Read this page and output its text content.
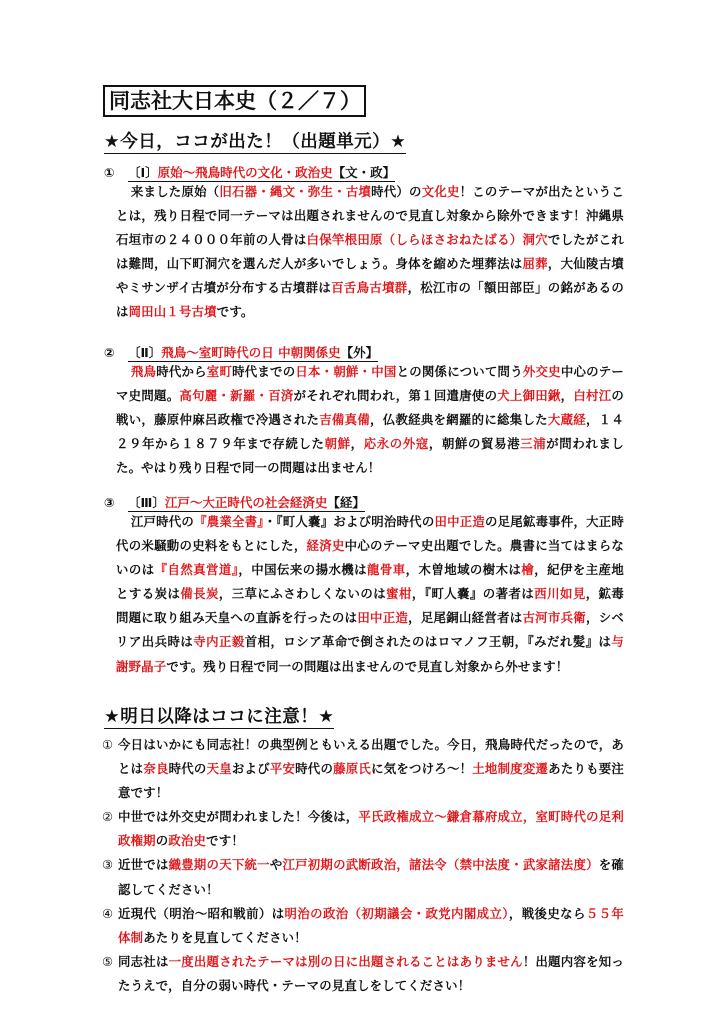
同志社大日本史（２／７）
★今日，ココが出た！（出題単元）★
① 〔Ⅰ〕原始～飛鳥時代の文化・政治史【文・政】

来ました原始（旧石器・縄文・弥生・古墳時代）の文化史！このテーマが出たということは，残り日程で同一テーマは出題されませんので見直し対象から除外できます！沖縄県石垣市の２４０００年前の人骨は白保竿根田原（しらほさおねたばる）洞穴でしたがこれは難問，山下町洞穴を選んだ人が多いでしょう。身体を縮めた埋葬法は屈葬，大仙陵古墳やミサンザイ古墳が分布する古墳群は百舌鳥古墳群，松江市の「額田部臣」の銘があるのは岡田山１号古墳です。

② 〔Ⅱ〕飛鳥～室町時代の日 中朝関係史【外】

飛鳥時代から室町時代までの日本・朝鮮・中国との関係について問う外交史中心のテーマ史問題。高句麗・新羅・百済がそれぞれ問われ，第１回遣唐使の犬上御田鍬，白村江の戦い，藤原仲麻呂政権で冷遇された吉備真備，仏教経典を網羅的に総集した大蔵経，１４２９年から１８７９年まで存続した朝鮮，応永の外寇，朝鮮の貿易港三浦が問われました。やはり残り日程で同一の問題は出ません！

③ 〔Ⅲ〕江戸～大正時代の社会経済史【経】

江戸時代の『農業全書』・『町人嚢』および明治時代の田中正造の足尾鉱毒事件，大正時代の米騒動の史料をもとにした，経済史中心のテーマ史出題でした。農書に当てはまらないのは『自然真営道』，中国伝来の揚水機は龍骨車，木曽地域の樹木は檜，紀伊を主産地とする炭は備長炭，三草にふさわしくないのは蜜柑，『町人嚢』の著者は西川如見，鉱毒問題に取り組み天皇への直訴を行ったのは田中正造，足尾銅山経営者は古河市兵衛，シベリア出兵時は寺内正毅首相，ロシア革命で倒されたのはロマノフ王朝，『みだれ髪』は与謝野晶子です。残り日程で同一の問題は出ませんので見直し対象から外せます！

★明日以降はココに注意！★
① 今日はいかにも同志社！の典型例ともいえる出題でした。今日，飛鳥時代だったので，あとは奈良時代の天皇および平安時代の藤原氏に気をつけろ～！土地制度変遷あたりも要注意です！
② 中世では外交史が問われました！今後は，平氏政権成立～鎌倉幕府成立，室町時代の足利政権期の政治史です！
③ 近世では織豊期の天下統一や江戸初期の武断政治，諸法令（禁中法度・武家諸法度）を確認してください！
④ 近現代（明治～昭和戦前）は明治の政治（初期議会・政党内閣成立），戦後史なら５５年体制あたりを見直してください！
⑤ 同志社は一度出題されたテーマは別の日に出題されることはありません！出題内容を知ったうえで，自分の弱い時代・テーマの見直しをしてください！
